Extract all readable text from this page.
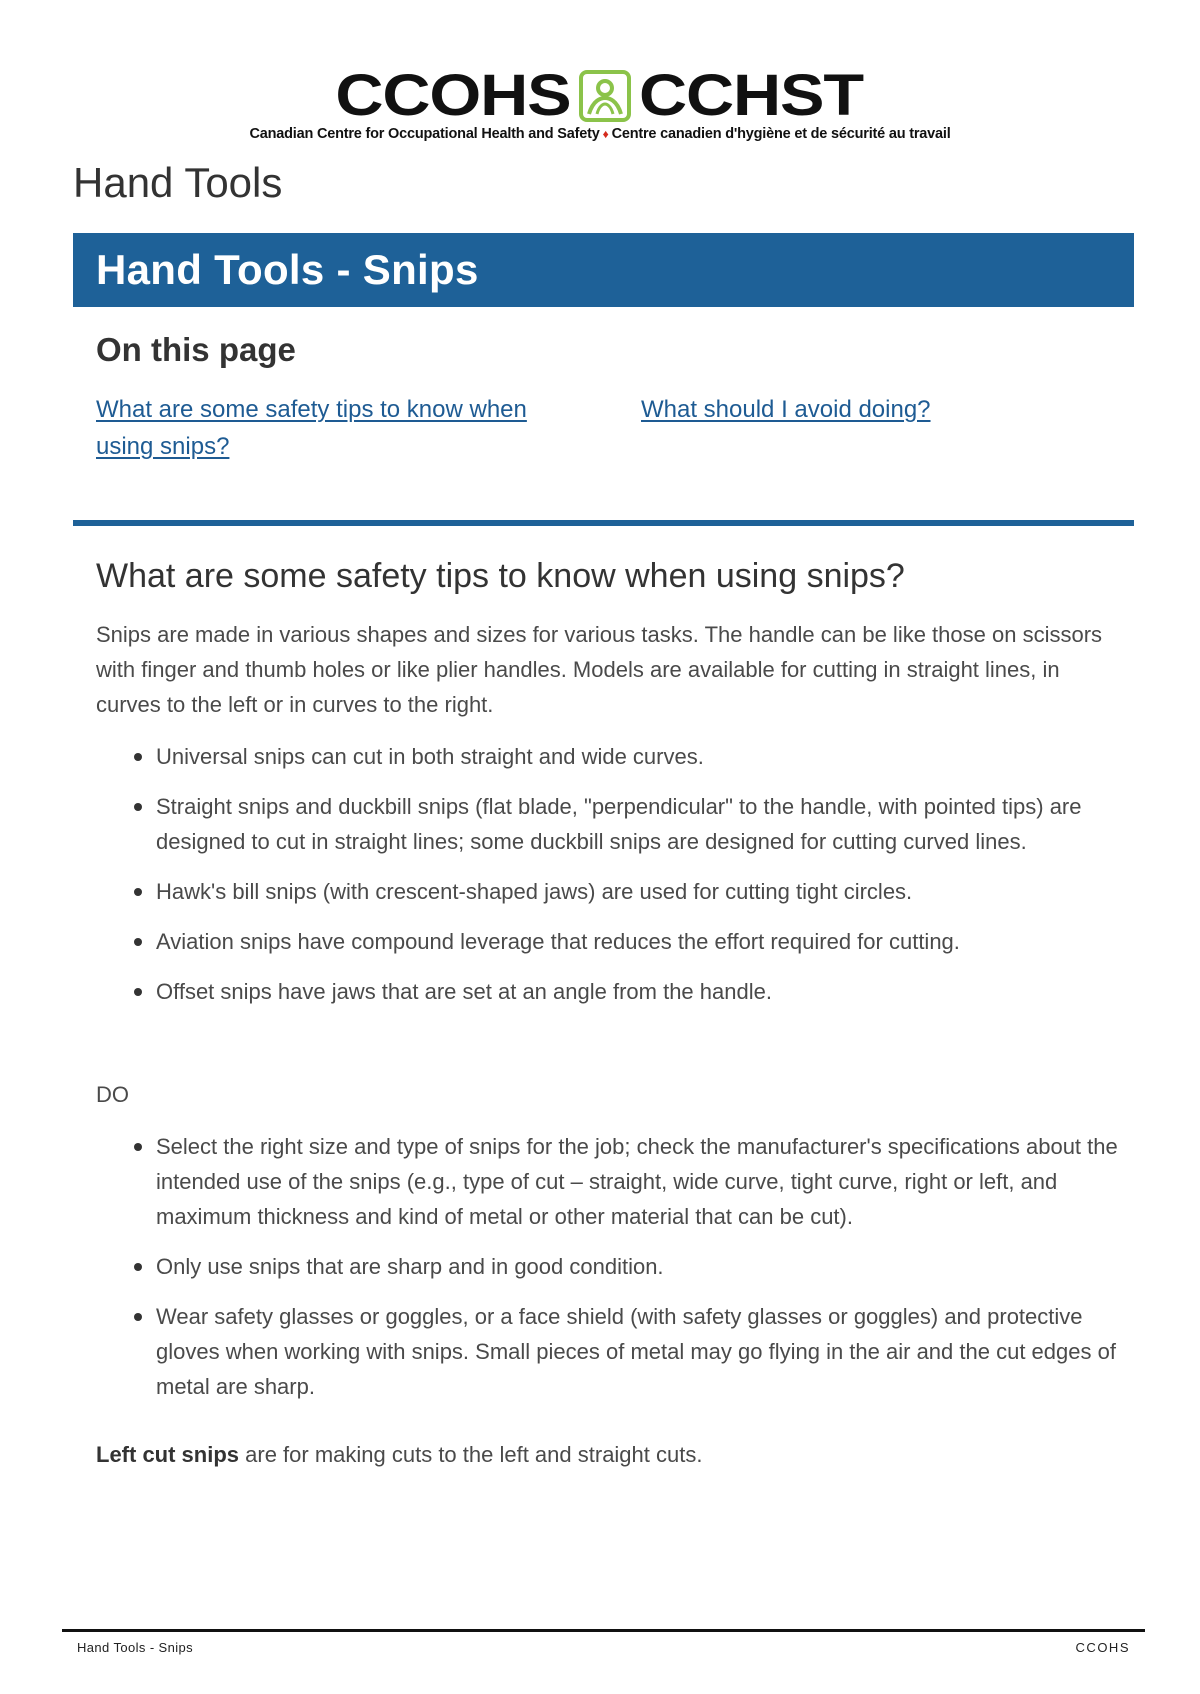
CCOHS CCHST
Canadian Centre for Occupational Health and Safety ♦ Centre canadien d'hygiène et de sécurité au travail
Hand Tools
Hand Tools - Snips
On this page
What are some safety tips to know when using snips?
What should I avoid doing?
What are some safety tips to know when using snips?

Snips are made in various shapes and sizes for various tasks. The handle can be like those on scissors with finger and thumb holes or like plier handles. Models are available for cutting in straight lines, in curves to the left or in curves to the right.

Universal snips can cut in both straight and wide curves.
Straight snips and duckbill snips (flat blade, "perpendicular" to the handle, with pointed tips) are designed to cut in straight lines; some duckbill snips are designed for cutting curved lines.
Hawk's bill snips (with crescent-shaped jaws) are used for cutting tight circles.
Aviation snips have compound leverage that reduces the effort required for cutting.
Offset snips have jaws that are set at an angle from the handle.

DO

Select the right size and type of snips for the job; check the manufacturer's specifications about the intended use of the snips (e.g., type of cut – straight, wide curve, tight curve, right or left, and maximum thickness and kind of metal or other material that can be cut).
Only use snips that are sharp and in good condition.
Wear safety glasses or goggles, or a face shield (with safety glasses or goggles) and protective gloves when working with snips. Small pieces of metal may go flying in the air and the cut edges of metal are sharp.

Left cut snips are for making cuts to the left and straight cuts.

Hand Tools - Snips	CCOHS
